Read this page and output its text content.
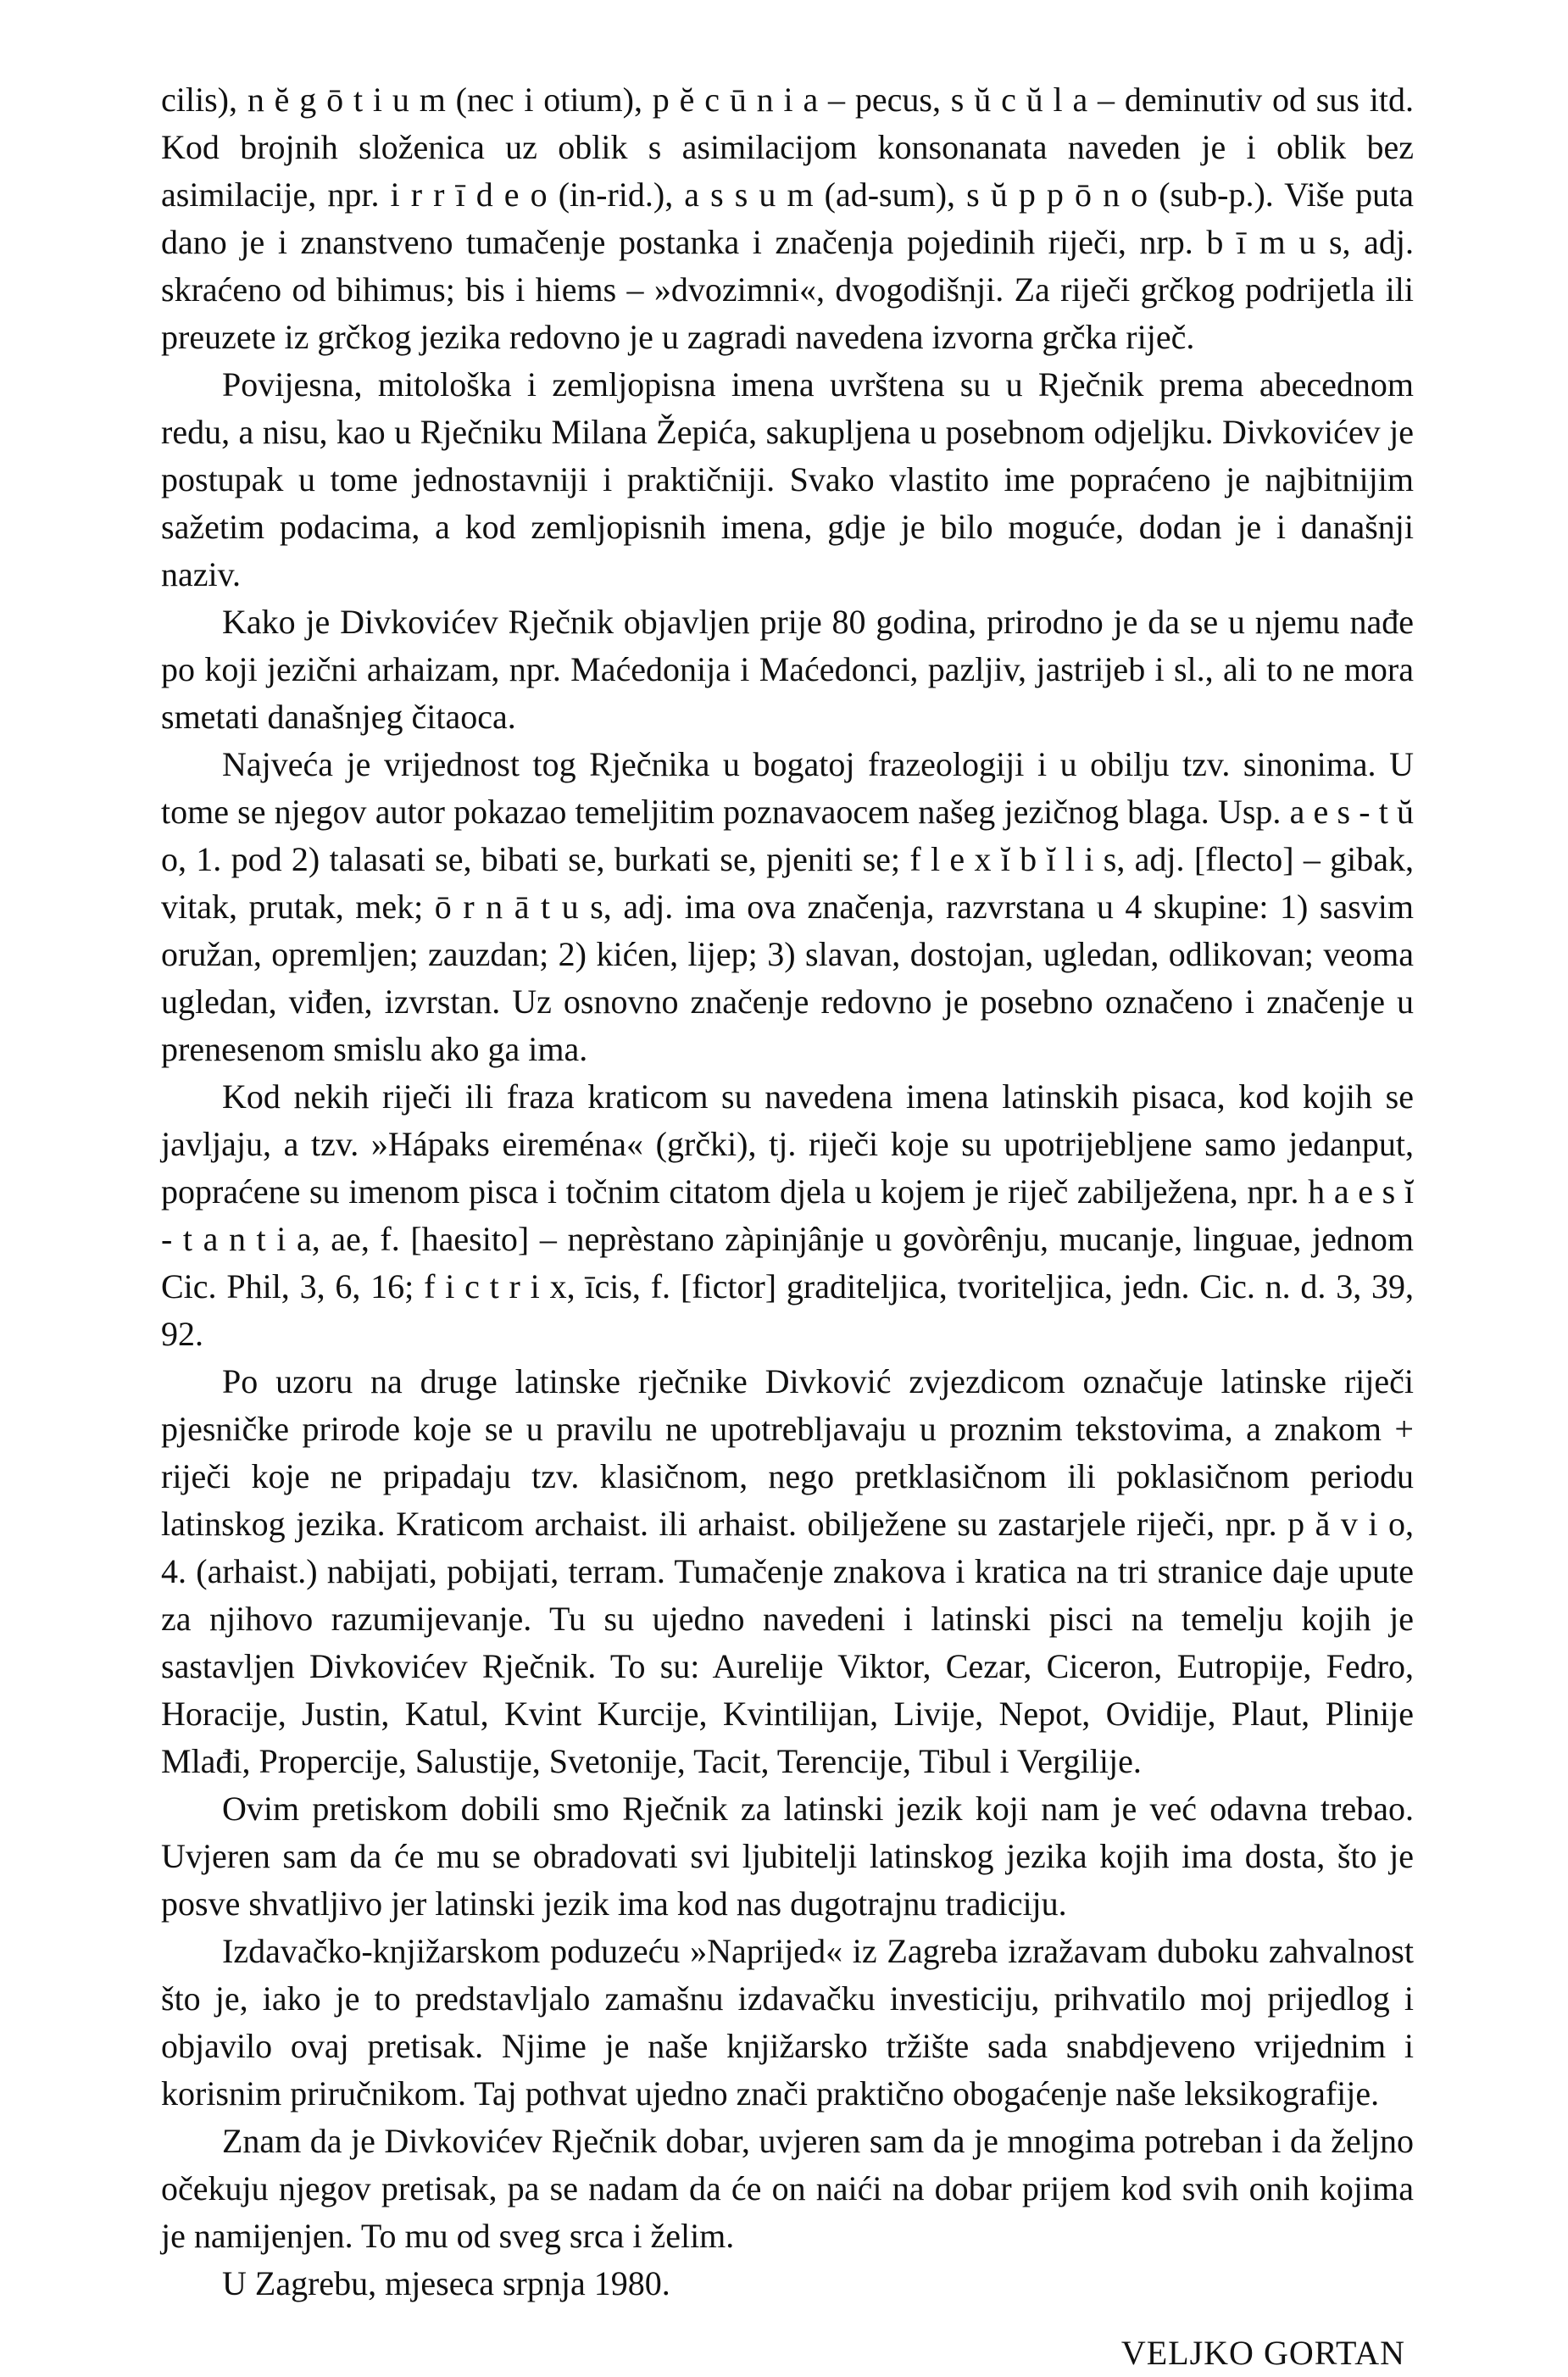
cilis), n ĕ g ō t i u m (nec i otium), p ĕ c ū n i a – pecus, s ŭ c ŭ l a – deminutiv od sus itd. Kod brojnih složenica uz oblik s asimilacijom konsonanata naveden je i oblik bez asimilacije, npr. i r r ī d e o (in-rid.), a s s u m (ad-sum), s ŭ p p ō n o (sub-p.). Više puta dano je i znanstveno tumačenje postanka i značenja pojedinih riječi, nrp. b ī m u s, adj. skraćeno od bihimus; bis i hiems – »dvozimni«, dvogodišnji. Za riječi grčkog podrijetla ili preuzete iz grčkog jezika redovno je u zagradi navedena izvorna grčka riječ.

Povijesna, mitološka i zemljopisna imena uvrštena su u Rječnik prema abecednom redu, a nisu, kao u Rječniku Milana Žepića, sakupljena u posebnom odjeljku. Divkovićev je postupak u tome jednostavniji i praktičniji. Svako vlastito ime popraćeno je najbitnijim sažetim podacima, a kod zemljopisnih imena, gdje je bilo moguće, dodan je i današnji naziv.

Kako je Divkovićev Rječnik objavljen prije 80 godina, prirodno je da se u njemu nađe po koji jezični arhaizam, npr. Maćedonija i Maćedonci, pazljiv, jastrijeb i sl., ali to ne mora smetati današnjeg čitaoca.

Najveća je vrijednost tog Rječnika u bogatoj frazeologiji i u obilju tzv. sinonima. U tome se njegov autor pokazao temeljitim poznavaocem našeg jezičnog blaga. Usp. a e s - t ŭ o, 1. pod 2) talasati se, bibati se, burkati se, pjeniti se; f l e x ĭ b ĭ l i s, adj. [flecto] – gibak, vitak, prutak, mek; ō r n ā t u s, adj. ima ova značenja, razvrstana u 4 skupine: 1) sasvim oružan, opremljen; zauzdan; 2) kićen, lijep; 3) slavan, dostojan, ugledan, odlikovan; veoma ugledan, viđen, izvrstan. Uz osnovno značenje redovno je posebno označeno i značenje u prenesenom smislu ako ga ima.

Kod nekih riječi ili fraza kraticom su navedena imena latinskih pisaca, kod kojih se javljaju, a tzv. »Hápaks eireména« (grčki), tj. riječi koje su upotrijebljene samo jedanput, popraćene su imenom pisca i točnim citatom djela u kojem je riječ zabilježena, npr. h a e s ĭ - t a n t i a, ae, f. [haesito] – neprèstano zàpinjânje u govòrênju, mucanje, linguae, jednom Cic. Phil, 3, 6, 16; f i c t r i x, īcis, f. [fictor] graditeljica, tvoriteljica, jedn. Cic. n. d. 3, 39, 92.

Po uzoru na druge latinske rječnike Divković zvjezdicom označuje latinske riječi pjesničke prirode koje se u pravilu ne upotrebljavaju u proznim tekstovima, a znakom + riječi koje ne pripadaju tzv. klasičnom, nego pretklasičnom ili poklasičnom periodu latinskog jezika. Kraticom archaist. ili arhaist. obilježene su zastarjele riječi, npr. p ă v i o, 4. (arhaist.) nabijati, pobijati, terram. Tumačenje znakova i kratica na tri stranice daje upute za njihovo razumijevanje. Tu su ujedno navedeni i latinski pisci na temelju kojih je sastavljen Divkovićev Rječnik. To su: Aurelije Viktor, Cezar, Ciceron, Eutropije, Fedro, Horacije, Justin, Katul, Kvint Kurcije, Kvintilijan, Livije, Nepot, Ovidije, Plaut, Plinije Mlađi, Propercije, Salustije, Svetonije, Tacit, Terencije, Tibul i Vergilije.

Ovim pretiskom dobili smo Rječnik za latinski jezik koji nam je već odavna trebao. Uvjeren sam da će mu se obradovati svi ljubitelji latinskog jezika kojih ima dosta, što je posve shvatljivo jer latinski jezik ima kod nas dugotrajnu tradiciju.

Izdavačko-knjižarskom poduzeću »Naprijed« iz Zagreba izražavam duboku zahvalnost što je, iako je to predstavljalo zamašnu izdavačku investiciju, prihvatilo moj prijedlog i objavilo ovaj pretisak. Njime je naše knjižarsko tržište sada snabdjeveno vrijednim i korisnim priručnikom. Taj pothvat ujedno znači praktično obogaćenje naše leksikografije.

Znam da je Divkovićev Rječnik dobar, uvjeren sam da je mnogima potreban i da željno očekuju njegov pretisak, pa se nadam da će on naići na dobar prijem kod svih onih kojima je namijenjen. To mu od sveg srca i želim.

U Zagrebu, mjeseca srpnja 1980.

VELJKO GORTAN
